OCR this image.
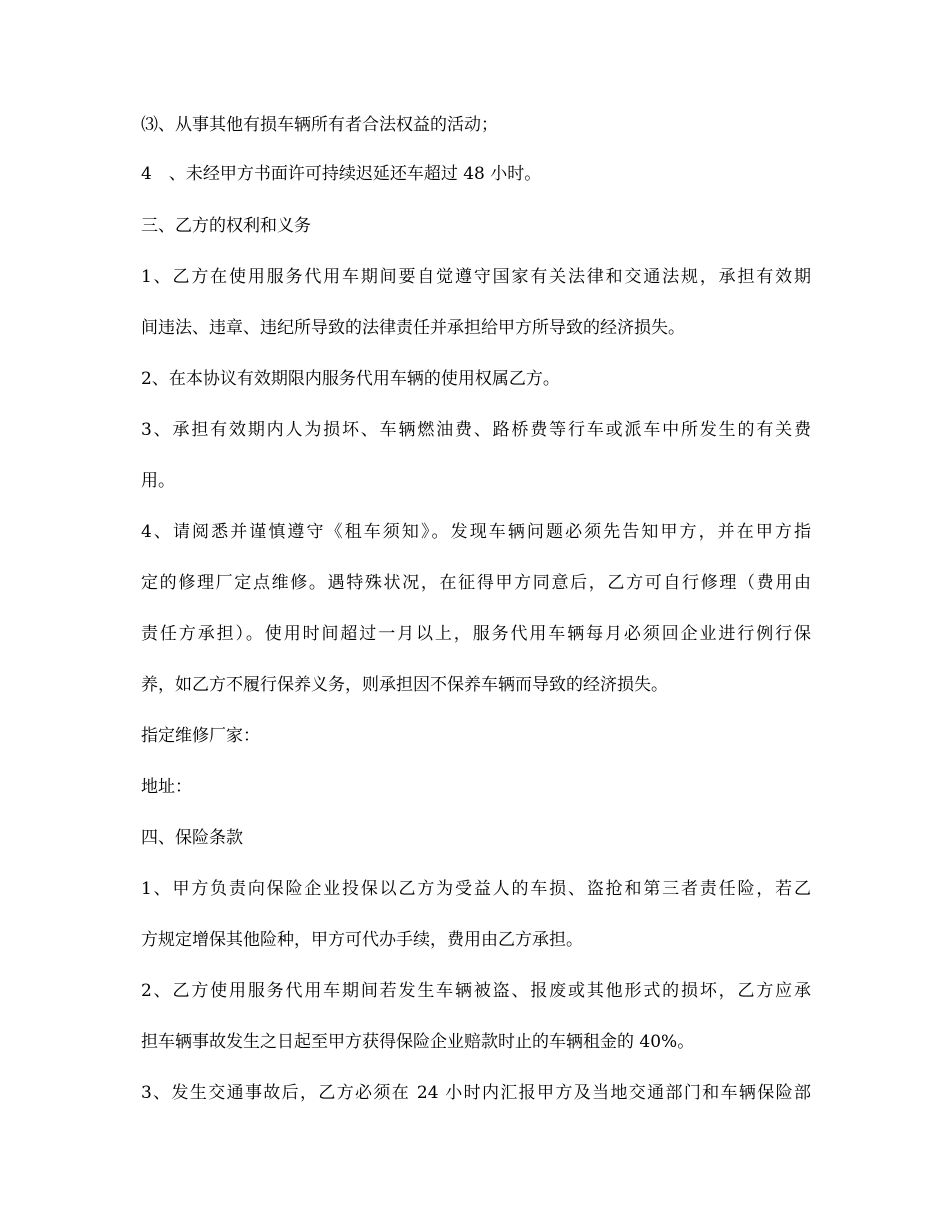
⑶、从事其他有损车辆所有者合法权益的活动；
4　、未经甲方书面许可持续迟延还车超过 48 小时。
三、乙方的权利和义务
1、乙方在使用服务代用车期间要自觉遵守国家有关法律和交通法规，承担有效期
间违法、违章、违纪所导致的法律责任并承担给甲方所导致的经济损失。
2、在本协议有效期限内服务代用车辆的使用权属乙方。
3、承担有效期内人为损坏、车辆燃油费、路桥费等行车或派车中所发生的有关费
用。
4、请阅悉并谨慎遵守《租车须知》。发现车辆问题必须先告知甲方，并在甲方指
定的修理厂定点维修。遇特殊状况，在征得甲方同意后，乙方可自行修理（费用由
责任方承担）。使用时间超过一月以上，服务代用车辆每月必须回企业进行例行保
养，如乙方不履行保养义务，则承担因不保养车辆而导致的经济损失。
指定维修厂家：
地址：
四、保险条款
1、甲方负责向保险企业投保以乙方为受益人的车损、盗抢和第三者责任险，若乙
方规定增保其他险种，甲方可代办手续，费用由乙方承担。
2、乙方使用服务代用车期间若发生车辆被盗、报废或其他形式的损坏，乙方应承
担车辆事故发生之日起至甲方获得保险企业赔款时止的车辆租金的 40%。
3、发生交通事故后，乙方必须在 24 小时内汇报甲方及当地交通部门和车辆保险部
